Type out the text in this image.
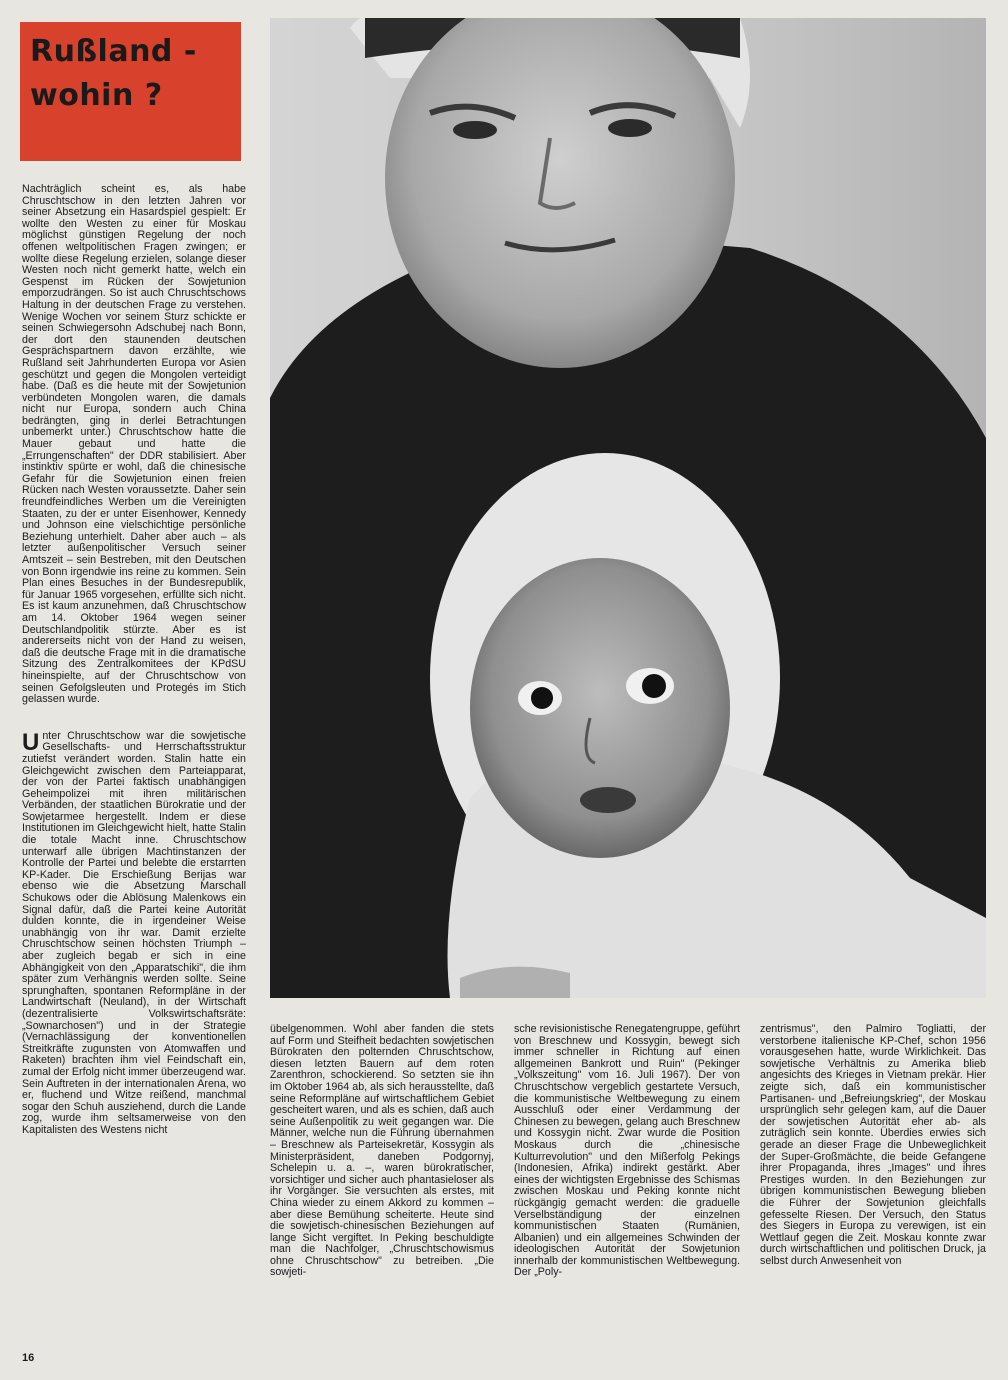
Rußland -
wohin ?

Nachträglich scheint es, als habe Chruschtschow in den letzten Jahren vor seiner Absetzung ein Hasardspiel gespielt: Er wollte den Westen zu einer für Moskau möglichst günstigen Regelung der noch offenen weltpolitischen Fragen zwingen; er wollte diese Regelung erzielen, solange dieser Westen noch nicht gemerkt hatte, welch ein Gespenst im Rücken der Sowjetunion emporzudrängen. So ist auch Chruschtschows Haltung in der deutschen Frage zu verstehen. Wenige Wochen vor seinem Sturz schickte er seinen Schwiegersohn Adschubej nach Bonn, der dort den staunenden deutschen Gesprächspartnern davon erzählte, wie Rußland seit Jahrhunderten Europa vor Asien geschützt und gegen die Mongolen verteidigt habe. (Daß es die heute mit der Sowjetunion verbündeten Mongolen waren, die damals nicht nur Europa, sondern auch China bedrängten, ging in derlei Betrachtungen unbemerkt unter.) Chruschtschow hatte die Mauer gebaut und hatte die „Errungenschaften" der DDR stabilisiert. Aber instinktiv spürte er wohl, daß die chinesische Gefahr für die Sowjetunion einen freien Rücken nach Westen voraussetzte. Daher sein freundfeindliches Werben um die Vereinigten Staaten, zu der er unter Eisenhower, Kennedy und Johnson eine vielschichtige persönliche Beziehung unterhielt. Daher aber auch – als letzter außenpolitischer Versuch seiner Amtszeit – sein Bestreben, mit den Deutschen von Bonn irgendwie ins reine zu kommen. Sein Plan eines Besuches in der Bundesrepublik, für Januar 1965 vorgesehen, erfüllte sich nicht. Es ist kaum anzunehmen, daß Chruschtschow am 14. Oktober 1964 wegen seiner Deutschlandpolitik stürzte. Aber es ist andererseits nicht von der Hand zu weisen, daß die deutsche Frage mit in die dramatische Sitzung des Zentralkomitees der KPdSU hineinspielte, auf der Chruschtschow von seinen Gefolgsleuten und Protegés im Stich gelassen wurde.

Unter Chruschtschow war die sowjetische Gesellschafts- und Herrschaftsstruktur zutiefst verändert worden. Stalin hatte ein Gleichgewicht zwischen dem Parteiapparat, der von der Partei faktisch unabhängigen Geheimpolizei mit ihren militärischen Verbänden, der staatlichen Bürokratie und der Sowjetarmee hergestellt. Indem er diese Institutionen im Gleichgewicht hielt, hatte Stalin die totale Macht inne. Chruschtschow unterwarf alle übrigen Machtinstanzen der Kontrolle der Partei und belebte die erstarrten KP-Kader. Die Erschießung Berijas war ebenso wie die Absetzung Marschall Schukows oder die Ablösung Malenkows ein Signal dafür, daß die Partei keine Autorität dulden konnte, die in irgendeiner Weise unabhängig von ihr war. Damit erzielte Chruschtschow seinen höchsten Triumph – aber zugleich begab er sich in eine Abhängigkeit von den „Apparatschiki", die ihm später zum Verhängnis werden sollte. Seine sprunghaften, spontanen Reformpläne in der Landwirtschaft (Neuland), in der Wirtschaft (dezentralisierte Volkswirtschaftsräte: „Sownarchosen") und in der Strategie (Vernachlässigung der konventionellen Streitkräfte zugunsten von Atomwaffen und Raketen) brachten ihm viel Feindschaft ein, zumal der Erfolg nicht immer überzeugend war. Sein Auftreten in der internationalen Arena, wo er, fluchend und Witze reißend, manchmal sogar den Schuh ausziehend, durch die Lande zog, wurde ihm seltsamerweise von den Kapitalisten des Westens nicht

übelgenommen. Wohl aber fanden die stets auf Form und Steifheit bedachten sowjetischen Bürokraten den polternden Chruschtschow, diesen letzten Bauern auf dem roten Zarenthron, schockierend. So setzten sie ihn im Oktober 1964 ab, als sich herausstellte, daß seine Reformpläne auf wirtschaftlichem Gebiet gescheitert waren, und als es schien, daß auch seine Außenpolitik zu weit gegangen war. Die Männer, welche nun die Führung übernahmen – Breschnew als Parteisekretär, Kossygin als Ministerpräsident, daneben Podgornyj, Schelepin u. a. –, waren bürokratischer, vorsichtiger und sicher auch phantasieloser als ihr Vorgänger. Sie versuchten als erstes, mit China wieder zu einem Akkord zu kommen – aber diese Bemühung scheiterte. Heute sind die sowjetisch-chinesischen Beziehungen auf lange Sicht vergiftet. In Peking beschuldigte man die Nachfolger, „Chruschtschowismus ohne Chruschtschow" zu betreiben. „Die sowjeti-

sche revisionistische Renegatengruppe, geführt von Breschnew und Kossygin, bewegt sich immer schneller in Richtung auf einen allgemeinen Bankrott und Ruin" (Pekinger „Volkszeitung" vom 16. Juli 1967). Der von Chruschtschow vergeblich gestartete Versuch, die kommunistische Weltbewegung zu einem Ausschluß oder einer Verdammung der Chinesen zu bewegen, gelang auch Breschnew und Kossygin nicht. Zwar wurde die Position Moskaus durch die „chinesische Kulturrevolution" und den Mißerfolg Pekings (Indonesien, Afrika) indirekt gestärkt. Aber eines der wichtigsten Ergebnisse des Schismas zwischen Moskau und Peking konnte nicht rückgängig gemacht werden: die graduelle Verselbständigung der einzelnen kommunistischen Staaten (Rumänien, Albanien) und ein allgemeines Schwinden der ideologischen Autorität der Sowjetunion innerhalb der kommunistischen Weltbewegung. Der „Poly-

zentrismus", den Palmiro Togliatti, der verstorbene italienische KP-Chef, schon 1956 vorausgesehen hatte, wurde Wirklichkeit. Das sowjetische Verhältnis zu Amerika blieb angesichts des Krieges in Vietnam prekär. Hier zeigte sich, daß ein kommunistischer Partisanen- und „Befreiungskrieg", der Moskau ursprünglich sehr gelegen kam, auf die Dauer der sowjetischen Autorität eher ab- als zuträglich sein konnte. Überdies erwies sich gerade an dieser Frage die Unbeweglichkeit der Super-Großmächte, die beide Gefangene ihrer Propaganda, ihres „Images" und ihres Prestiges wurden. In den Beziehungen zur übrigen kommunistischen Bewegung blieben die Führer der Sowjetunion gleichfalls gefesselte Riesen. Der Versuch, den Status des Siegers in Europa zu verewigen, ist ein Wettlauf gegen die Zeit. Moskau konnte zwar durch wirtschaftlichen und politischen Druck, ja selbst durch Anwesenheit von

16
